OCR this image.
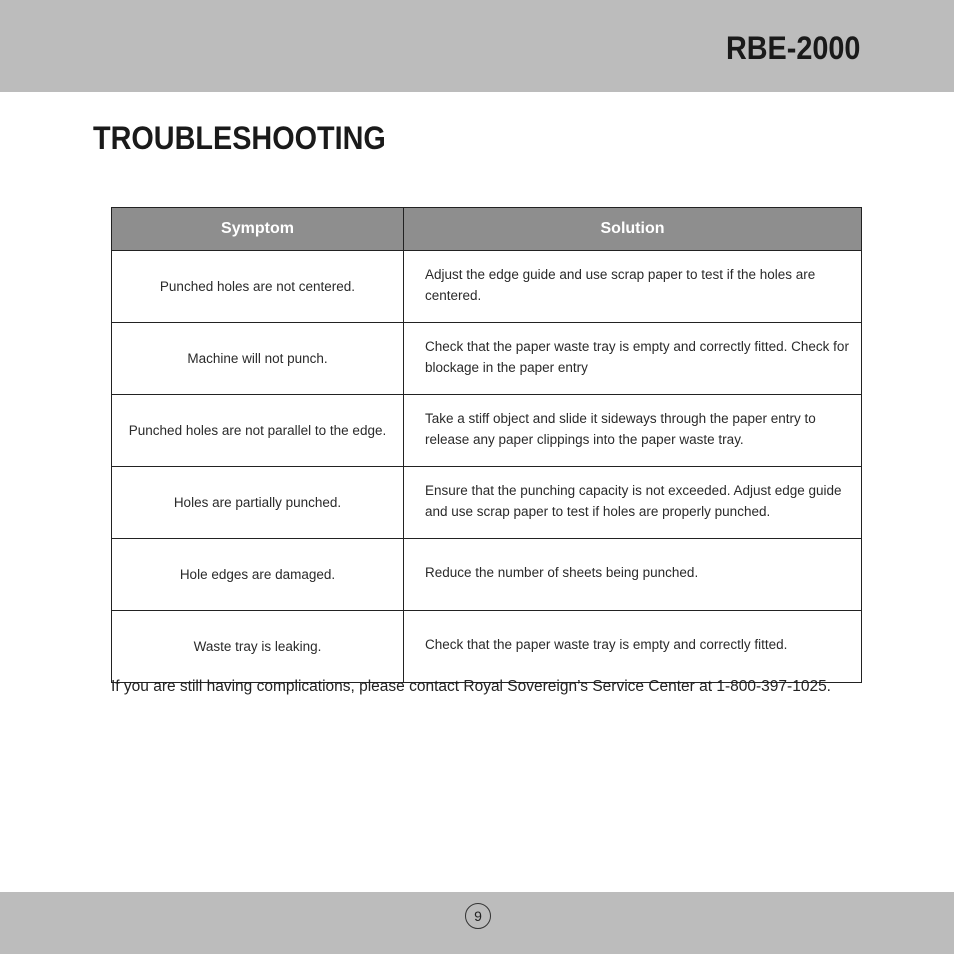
RBE-2000
TROUBLESHOOTING
Symptom	Solution
Punched holes are not centered.	Adjust the edge guide and use scrap paper to test if the holes are centered.
Machine will not punch.	Check that the paper waste tray is empty and correctly fitted. Check for blockage in the paper entry
Punched holes are not parallel to the edge.	Take a stiff object and slide it sideways through the paper entry to release any paper clippings into the paper waste tray.
Holes are partially punched.	Ensure that the punching capacity is not exceeded. Adjust edge guide and use scrap paper to test if holes are properly punched.
Hole edges are damaged.	Reduce the number of sheets being punched.
Waste tray is leaking.	Check that the paper waste tray is empty and correctly fitted.
If you are still having complications, please contact Royal Sovereign’s Service Center at 1-800-397-1025.
9
